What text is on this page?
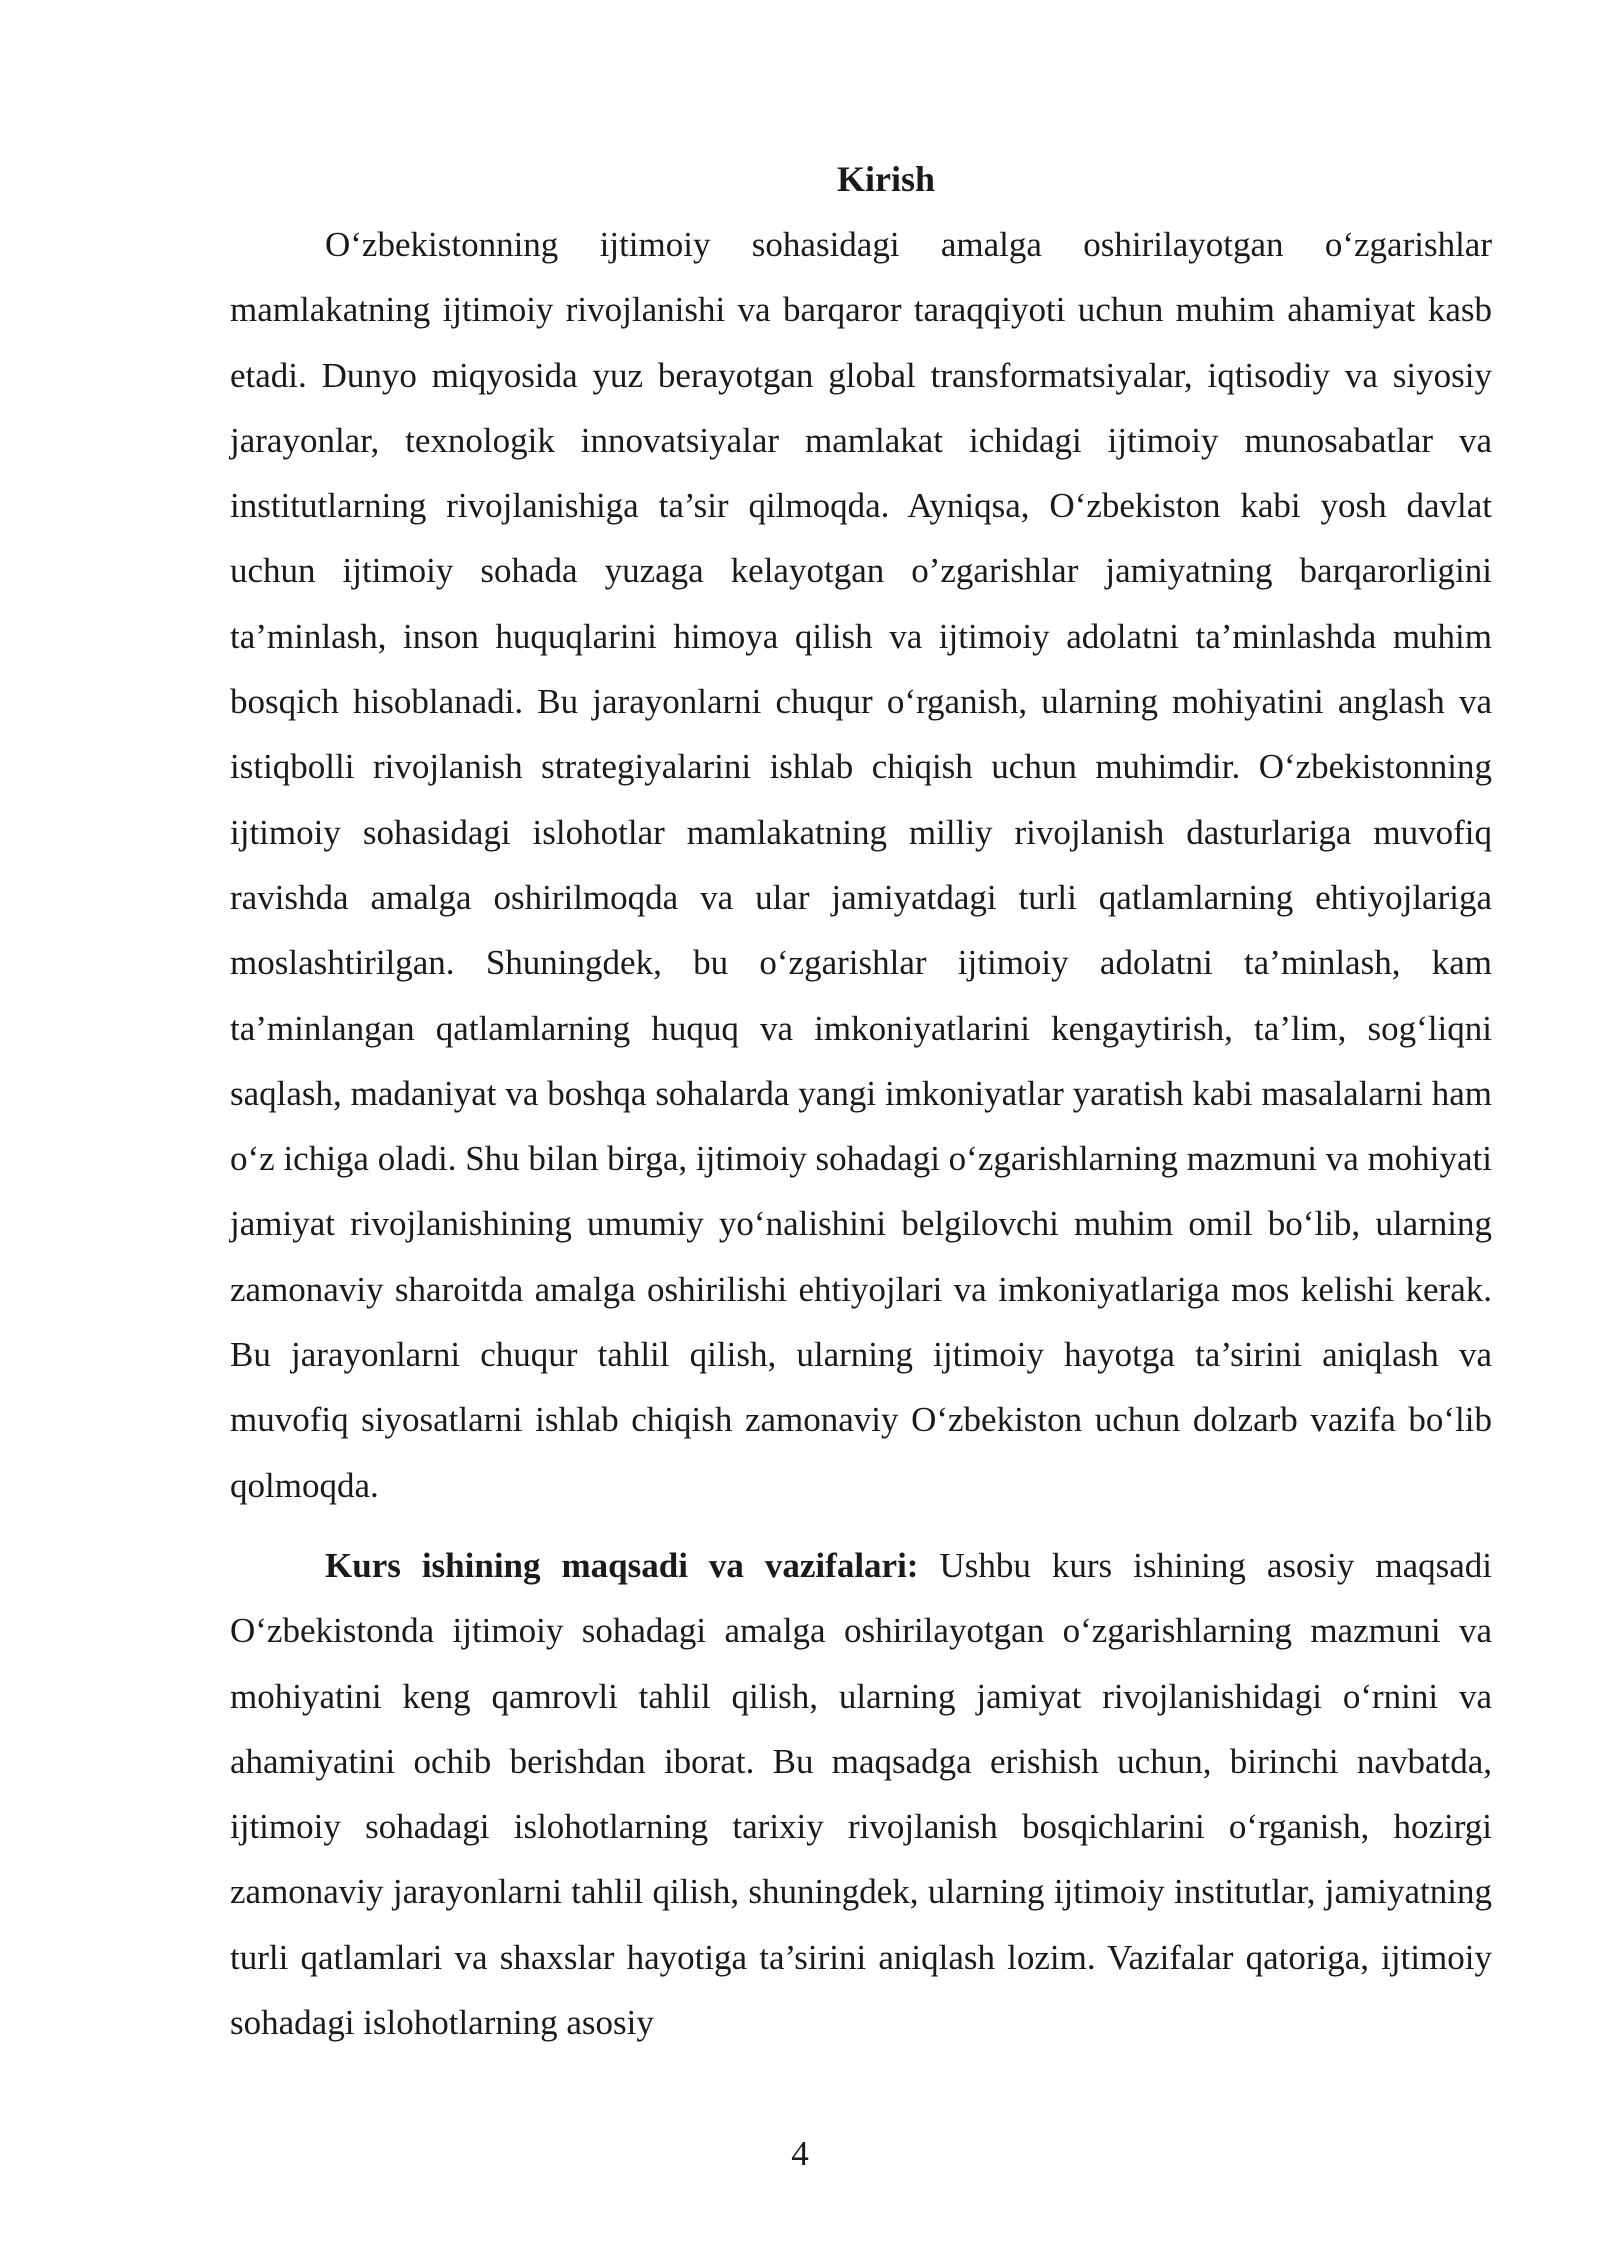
Kirish

O‘zbekistonning ijtimoiy sohasidagi amalga oshirilayotgan o‘zgarishlar mamlakatning ijtimoiy rivojlanishi va barqaror taraqqiyoti uchun muhim ahamiyat kasb etadi. Dunyo miqyosida yuz berayotgan global transformatsiyalar, iqtisodiy va siyosiy jarayonlar, texnologik innovatsiyalar mamlakat ichidagi ijtimoiy munosabatlar va institutlarning rivojlanishiga ta’sir qilmoqda. Ayniqsa, O‘zbekiston kabi yosh davlat uchun ijtimoiy sohada yuzaga kelayotgan o’zgarishlar jamiyatning barqarorligini ta’minlash, inson huquqlarini himoya qilish va ijtimoiy adolatni ta’minlashda muhim bosqich hisoblanadi. Bu jarayonlarni chuqur o‘rganish, ularning mohiyatini anglash va istiqbolli rivojlanish strategiyalarini ishlab chiqish uchun muhimdir. O‘zbekistonning ijtimoiy sohasidagi islohotlar mamlakatning milliy rivojlanish dasturlariga muvofiq ravishda amalga oshirilmoqda va ular jamiyatdagi turli qatlamlarning ehtiyojlariga moslashtirilgan. Shuningdek, bu o‘zgarishlar ijtimoiy adolatni ta’minlash, kam ta’minlangan qatlamlarning huquq va imkoniyatlarini kengaytirish, ta’lim, sog‘liqni saqlash, madaniyat va boshqa sohalarda yangi imkoniyatlar yaratish kabi masalalarni ham o‘z ichiga oladi. Shu bilan birga, ijtimoiy sohadagi o‘zgarishlarning mazmuni va mohiyati jamiyat rivojlanishining umumiy yo‘nalishini belgilovchi muhim omil bo‘lib, ularning zamonaviy sharoitda amalga oshirilishi ehtiyojlari va imkoniyatlariga mos kelishi kerak. Bu jarayonlarni chuqur tahlil qilish, ularning ijtimoiy hayotga ta’sirini aniqlash va muvofiq siyosatlarni ishlab chiqish zamonaviy O‘zbekiston uchun dolzarb vazifa bo‘lib qolmoqda.

Kurs ishining maqsadi va vazifalari: Ushbu kurs ishining asosiy maqsadi O‘zbekistonda ijtimoiy sohadagi amalga oshirilayotgan o‘zgarishlarning mazmuni va mohiyatini keng qamrovli tahlil qilish, ularning jamiyat rivojlanishidagi o‘rnini va ahamiyatini ochib berishdan iborat. Bu maqsadga erishish uchun, birinchi navbatda, ijtimoiy sohadagi islohotlarning tarixiy rivojlanish bosqichlarini o‘rganish, hozirgi zamonaviy jarayonlarni tahlil qilish, shuningdek, ularning ijtimoiy institutlar, jamiyatning turli qatlamlari va shaxslar hayotiga ta’sirini aniqlash lozim. Vazifalar qatoriga, ijtimoiy sohadagi islohotlarning asosiy

4
